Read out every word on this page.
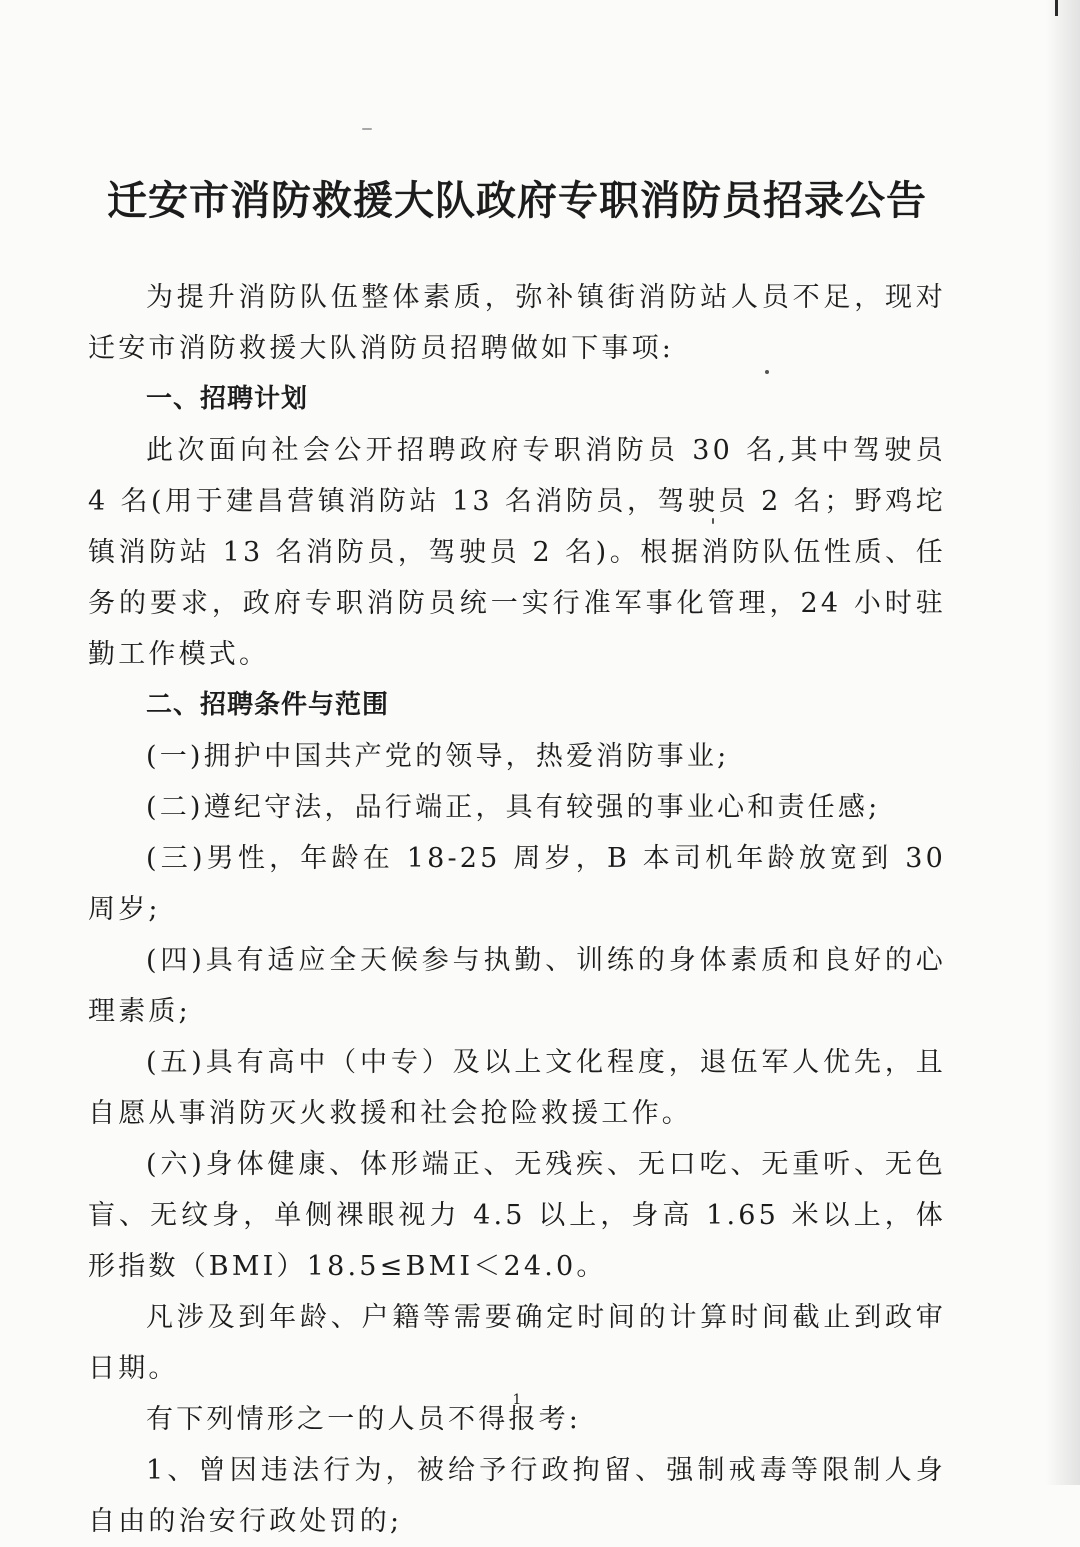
迁安市消防救援大队政府专职消防员招录公告

为提升消防队伍整体素质，弥补镇街消防站人员不足，现对迁安市消防救援大队消防员招聘做如下事项:

一、招聘计划

此次面向社会公开招聘政府专职消防员 30 名,其中驾驶员 4 名(用于建昌营镇消防站 13 名消防员，驾驶员 2 名；野鸡坨镇消防站 13 名消防员，驾驶员 2 名)。根据消防队伍性质、任务的要求，政府专职消防员统一实行准军事化管理，24 小时驻勤工作模式。

二、招聘条件与范围

(一)拥护中国共产党的领导，热爱消防事业;

(二)遵纪守法，品行端正，具有较强的事业心和责任感;

(三)男性，年龄在 18-25 周岁，B 本司机年龄放宽到 30 周岁;

(四)具有适应全天候参与执勤、训练的身体素质和良好的心理素质;

(五)具有高中（中专）及以上文化程度，退伍军人优先，且自愿从事消防灭火救援和社会抢险救援工作。

(六)身体健康、体形端正、无残疾、无口吃、无重听、无色盲、无纹身，单侧裸眼视力 4.5 以上，身高 1.65 米以上，体形指数（BMI）18.5≤BMI＜24.0。

凡涉及到年龄、户籍等需要确定时间的计算时间截止到政审日期。

有下列情形之一的人员不得报考:

1、曾因违法行为，被给予行政拘留、强制戒毒等限制人身自由的治安行政处罚的;

1
